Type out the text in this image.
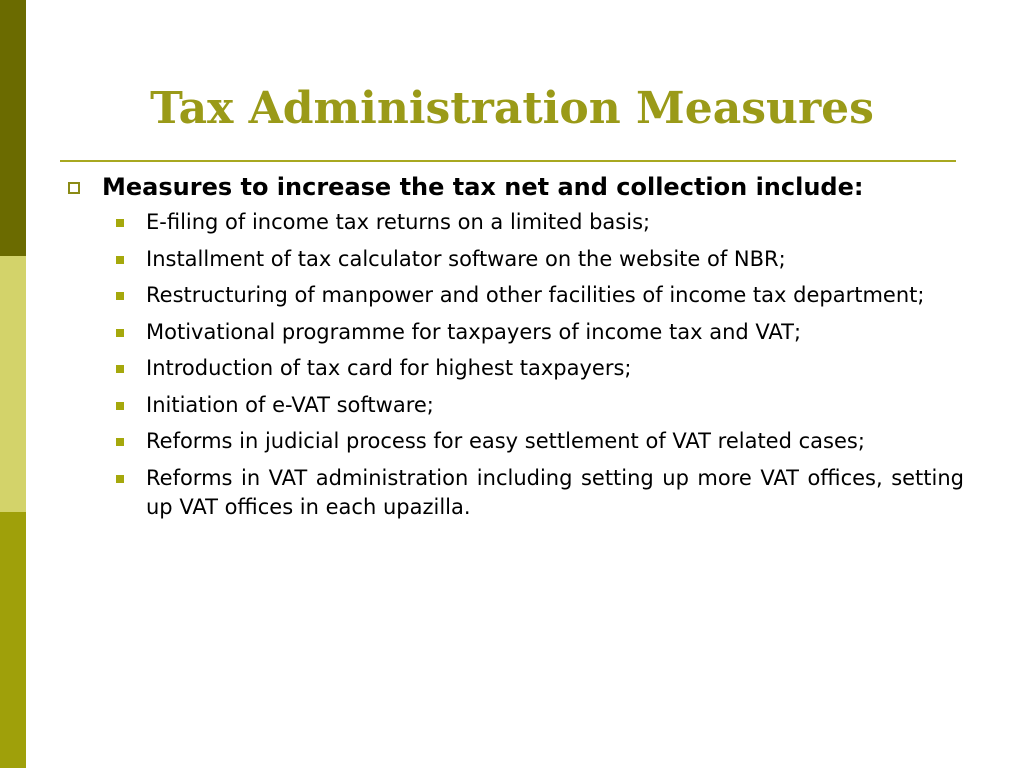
Tax Administration Measures
Measures to increase the tax net and collection include:
E-filing of income tax returns on a limited basis;
Installment of tax calculator software on the website of NBR;
Restructuring of manpower and other facilities of income tax department;
Motivational programme for taxpayers of income tax and VAT;
Introduction of tax card for highest taxpayers;
Initiation of e-VAT software;
Reforms in judicial process for easy settlement of VAT related cases;
Reforms in VAT administration including setting up more VAT offices, setting up VAT offices in each upazilla.
